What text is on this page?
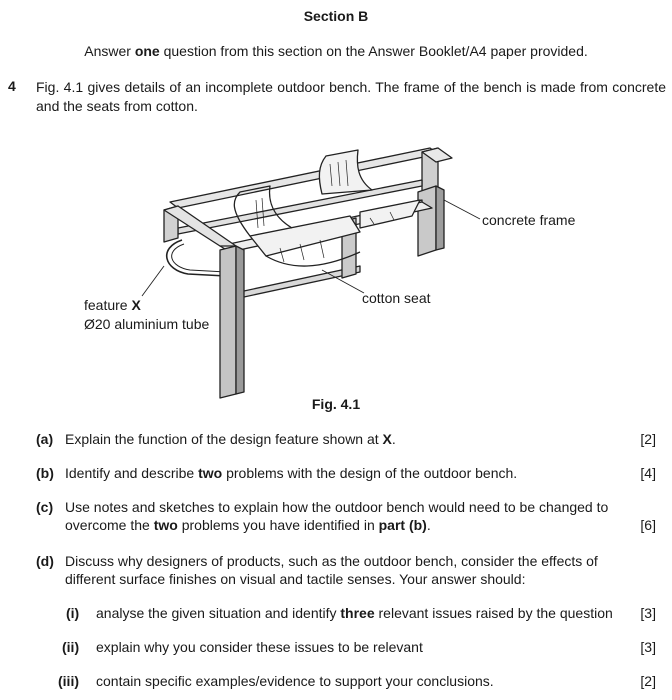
Section B
Answer one question from this section on the Answer Booklet/A4 paper provided.
4 Fig. 4.1 gives details of an incomplete outdoor bench. The frame of the bench is made from concrete and the seats from cotton.
concrete frame
cotton seat
feature X
Ø20 aluminium tube
Fig. 4.1
(a) Explain the function of the design feature shown at X.	[2]
(b) Identify and describe two problems with the design of the outdoor bench.	[4]
(c) Use notes and sketches to explain how the outdoor bench would need to be changed to
overcome the two problems you have identified in part (b).	[6]
(d) Discuss why designers of products, such as the outdoor bench, consider the effects of
different surface finishes on visual and tactile senses. Your answer should:
(i) analyse the given situation and identify three relevant issues raised by the question [3]
(ii) explain why you consider these issues to be relevant	[3]
(iii) contain specific examples/evidence to support your conclusions.	[2]
